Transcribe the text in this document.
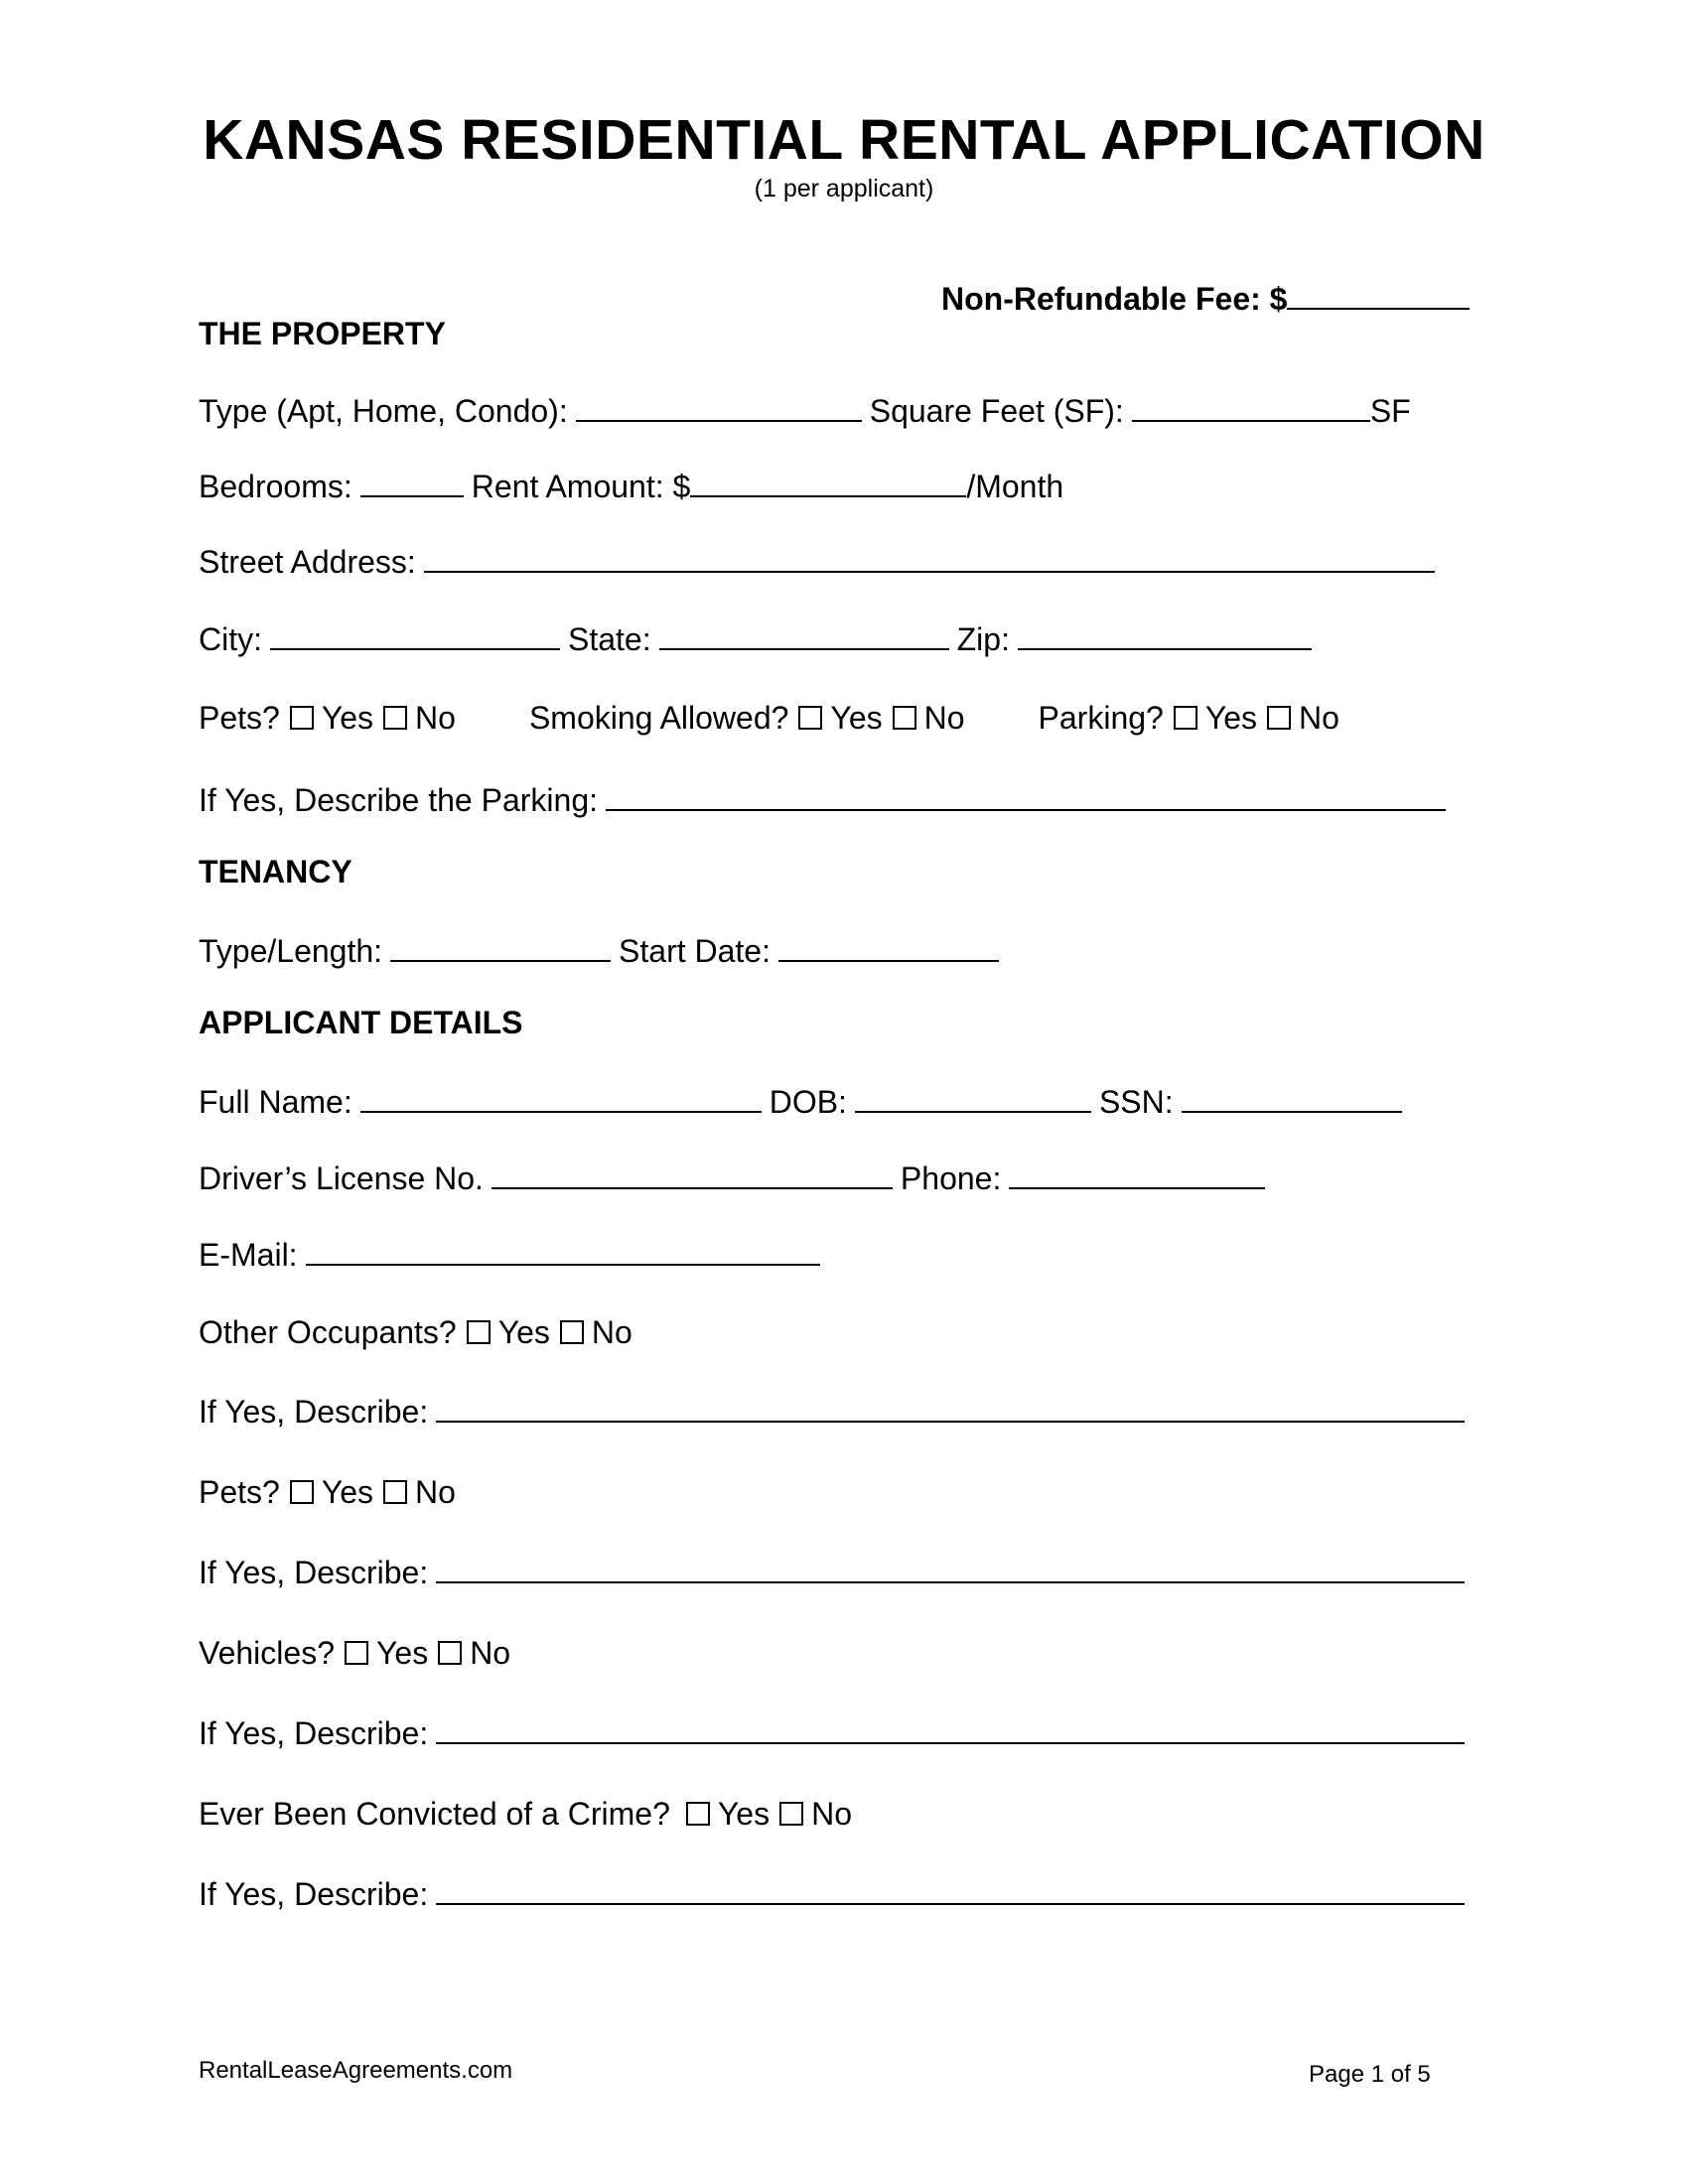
KANSAS RESIDENTIAL RENTAL APPLICATION
(1 per applicant)
Non-Refundable Fee: $
THE PROPERTY
Type (Apt, Home, Condo):	Square Feet (SF):	SF
Bedrooms:	Rent Amount: $	/Month
Street Address:
City:	State:	Zip:
Pets? Yes No Smoking Allowed? Yes No Parking? Yes No
If Yes, Describe the Parking:
TENANCY
Type/Length:	Start Date:
APPLICANT DETAILS
Full Name:	DOB:	SSN:
Driver’s License No.	Phone:
E-Mail:
Other Occupants? Yes No
If Yes, Describe:
Pets? Yes No
If Yes, Describe:
Vehicles? Yes No
If Yes, Describe:
Ever Been Convicted of a Crime? Yes No
If Yes, Describe:
RentalLeaseAgreements.com	Page 1 of 5
